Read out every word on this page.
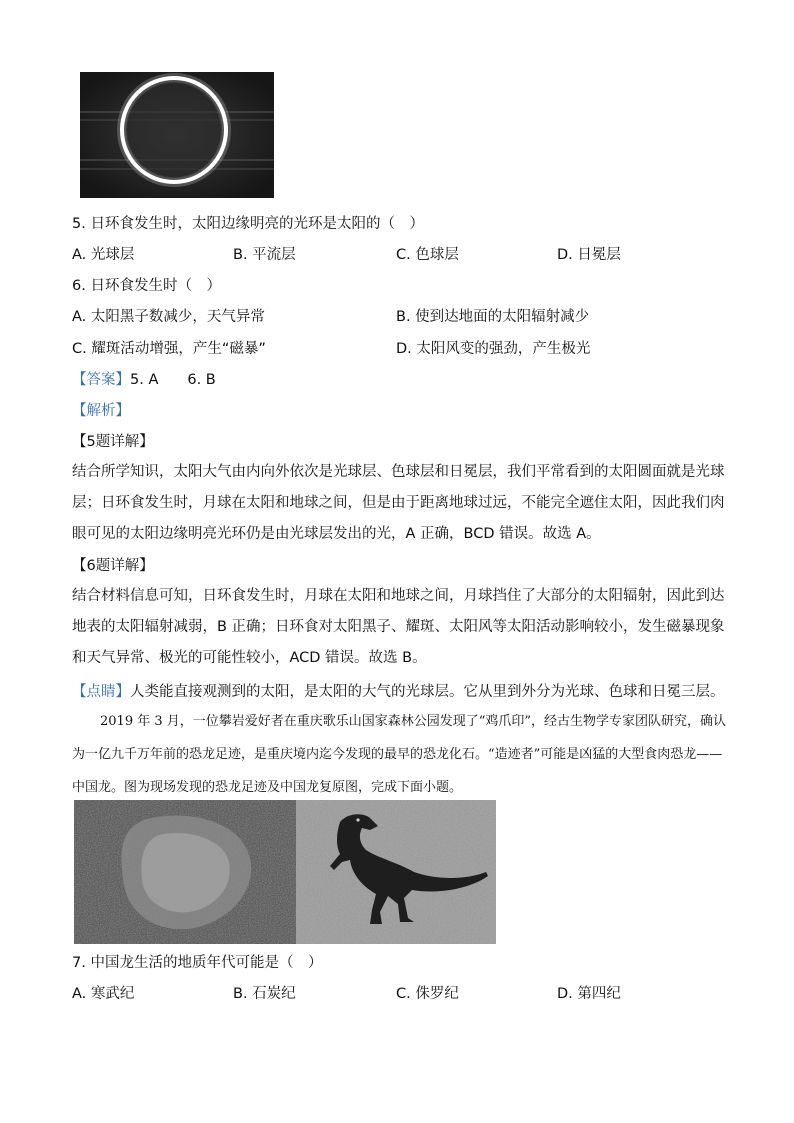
5. 日环食发生时，太阳边缘明亮的光环是太阳的（　）
A. 光球层	B. 平流层	C. 色球层	D. 日冕层
6. 日环食发生时（　）
A. 太阳黑子数减少，天气异常	B. 使到达地面的太阳辐射减少
C. 耀斑活动增强，产生“磁暴”	D. 太阳风变的强劲，产生极光
【答案】5. A　　6. B
【解析】
【5题详解】
结合所学知识，太阳大气由内向外依次是光球层、色球层和日冕层，我们平常看到的太阳圆面就是光球层；日环食发生时，月球在太阳和地球之间，但是由于距离地球过远，不能完全遮住太阳，因此我们肉眼可见的太阳边缘明亮光环仍是由光球层发出的光，A 正确，BCD 错误。故选 A。
【6题详解】
结合材料信息可知，日环食发生时，月球在太阳和地球之间，月球挡住了大部分的太阳辐射，因此到达地表的太阳辐射减弱，B 正确；日环食对太阳黑子、耀斑、太阳风等太阳活动影响较小，发生磁暴现象和天气异常、极光的可能性较小，ACD 错误。故选 B。
【点睛】人类能直接观测到的太阳，是太阳的大气的光球层。它从里到外分为光球、色球和日冕三层。
2019 年 3 月，一位攀岩爱好者在重庆歌乐山国家森林公园发现了“鸡爪印”，经古生物学专家团队研究，确认为一亿九千万年前的恐龙足迹，是重庆境内迄今发现的最早的恐龙化石。“造迹者”可能是凶猛的大型食肉恐龙——中国龙。图为现场发现的恐龙足迹及中国龙复原图，完成下面小题。
7. 中国龙生活的地质年代可能是（　）
A. 寒武纪	B. 石炭纪	C. 侏罗纪	D. 第四纪
